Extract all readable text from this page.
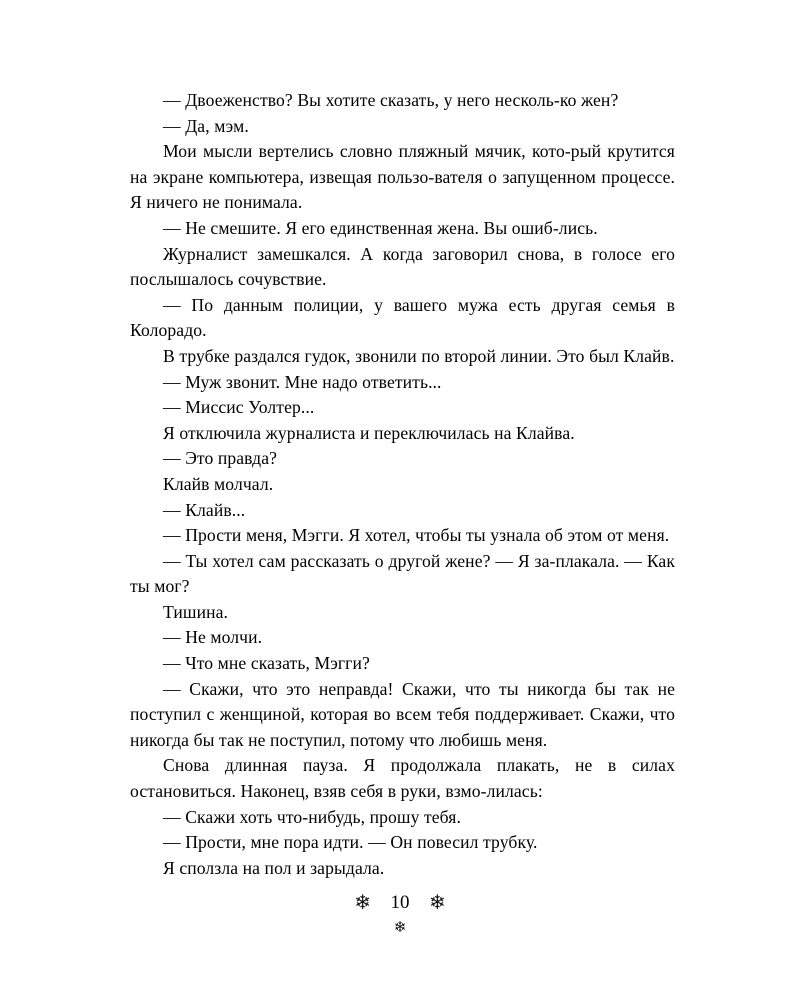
— Двоеженство? Вы хотите сказать, у него несколь-ко жен?

— Да, мэм.

Мои мысли вертелись словно пляжный мячик, кото-рый крутится на экране компьютера, извещая пользо-вателя о запущенном процессе. Я ничего не понимала.

— Не смешите. Я его единственная жена. Вы ошиб-лись.

Журналист замешкался. А когда заговорил снова, в голосе его послышалось сочувствие.

— По данным полиции, у вашего мужа есть другая семья в Колорадо.

В трубке раздался гудок, звонили по второй линии. Это был Клайв.

— Муж звонит. Мне надо ответить...

— Миссис Уолтер...

Я отключила журналиста и переключилась на Клайва.

— Это правда?

Клайв молчал.

— Клайв...

— Прости меня, Мэгги. Я хотел, чтобы ты узнала об этом от меня.

— Ты хотел сам рассказать о другой жене? — Я за-плакала. — Как ты мог?

Тишина.

— Не молчи.

— Что мне сказать, Мэгги?

— Скажи, что это неправда! Скажи, что ты никогда бы так не поступил с женщиной, которая во всем тебя поддерживает. Скажи, что никогда бы так не поступил, потому что любишь меня.

Снова длинная пауза. Я продолжала плакать, не в силах остановиться. Наконец, взяв себя в руки, взмо-лилась:

— Скажи хоть что-нибудь, прошу тебя.

— Прости, мне пора идти. — Он повесил трубку.

Я сползла на пол и зарыдала.

❄ 10 ❄
❄
